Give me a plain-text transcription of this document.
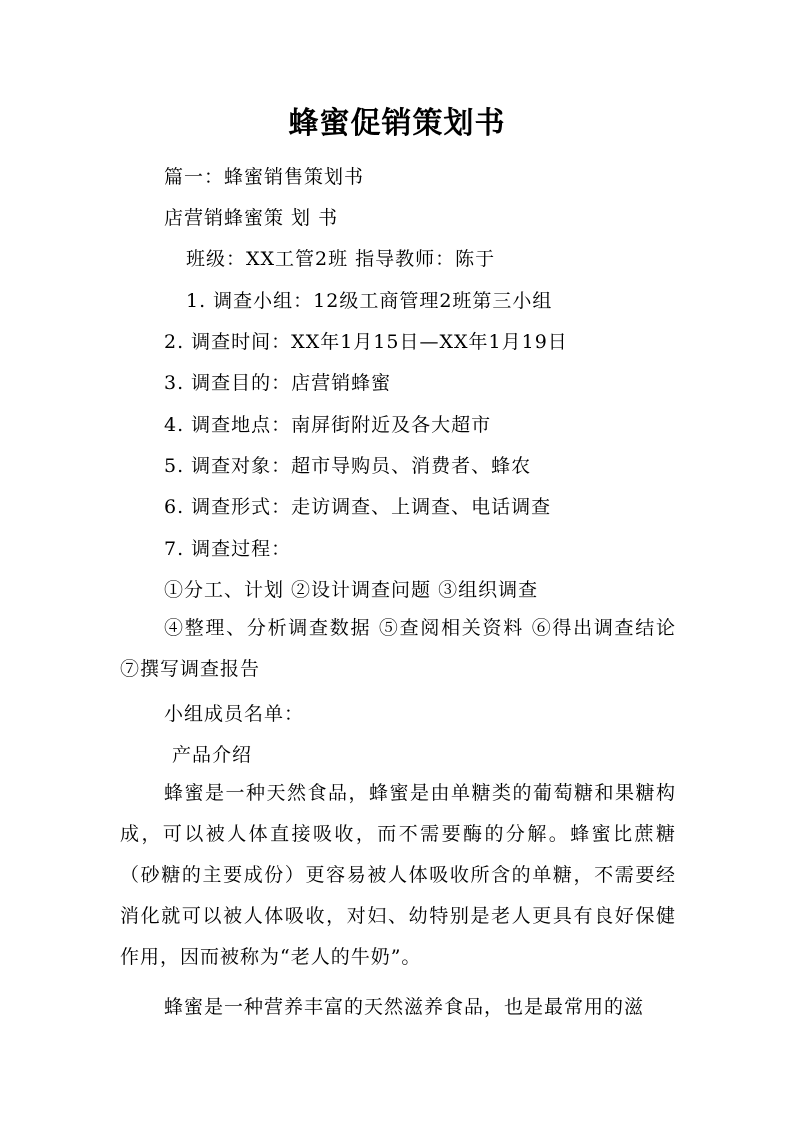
蜂蜜促销策划书
篇一：蜂蜜销售策划书
店营销蜂蜜策 划 书
班级：XX工管2班 指导教师：陈于
1. 调查小组：12级工商管理2班第三小组
2. 调查时间：XX年1月15日—XX年1月19日
3. 调查目的：店营销蜂蜜
4. 调查地点：南屏街附近及各大超市
5. 调查对象：超市导购员、消费者、蜂农
6. 调查形式：走访调查、上调查、电话调查
7. 调查过程：
①分工、计划 ②设计调查问题 ③组织调查
④整理、分析调查数据 ⑤查阅相关资料 ⑥得出调查结论 ⑦撰写调查报告
小组成员名单：
产品介绍
蜂蜜是一种天然食品，蜂蜜是由单糖类的葡萄糖和果糖构成，可以被人体直接吸收，而不需要酶的分解。蜂蜜比蔗糖（砂糖的主要成份）更容易被人体吸收所含的单糖，不需要经消化就可以被人体吸收，对妇、幼特别是老人更具有良好保健作用，因而被称为“老人的牛奶”。
蜂蜜是一种营养丰富的天然滋养食品，也是最常用的滋
